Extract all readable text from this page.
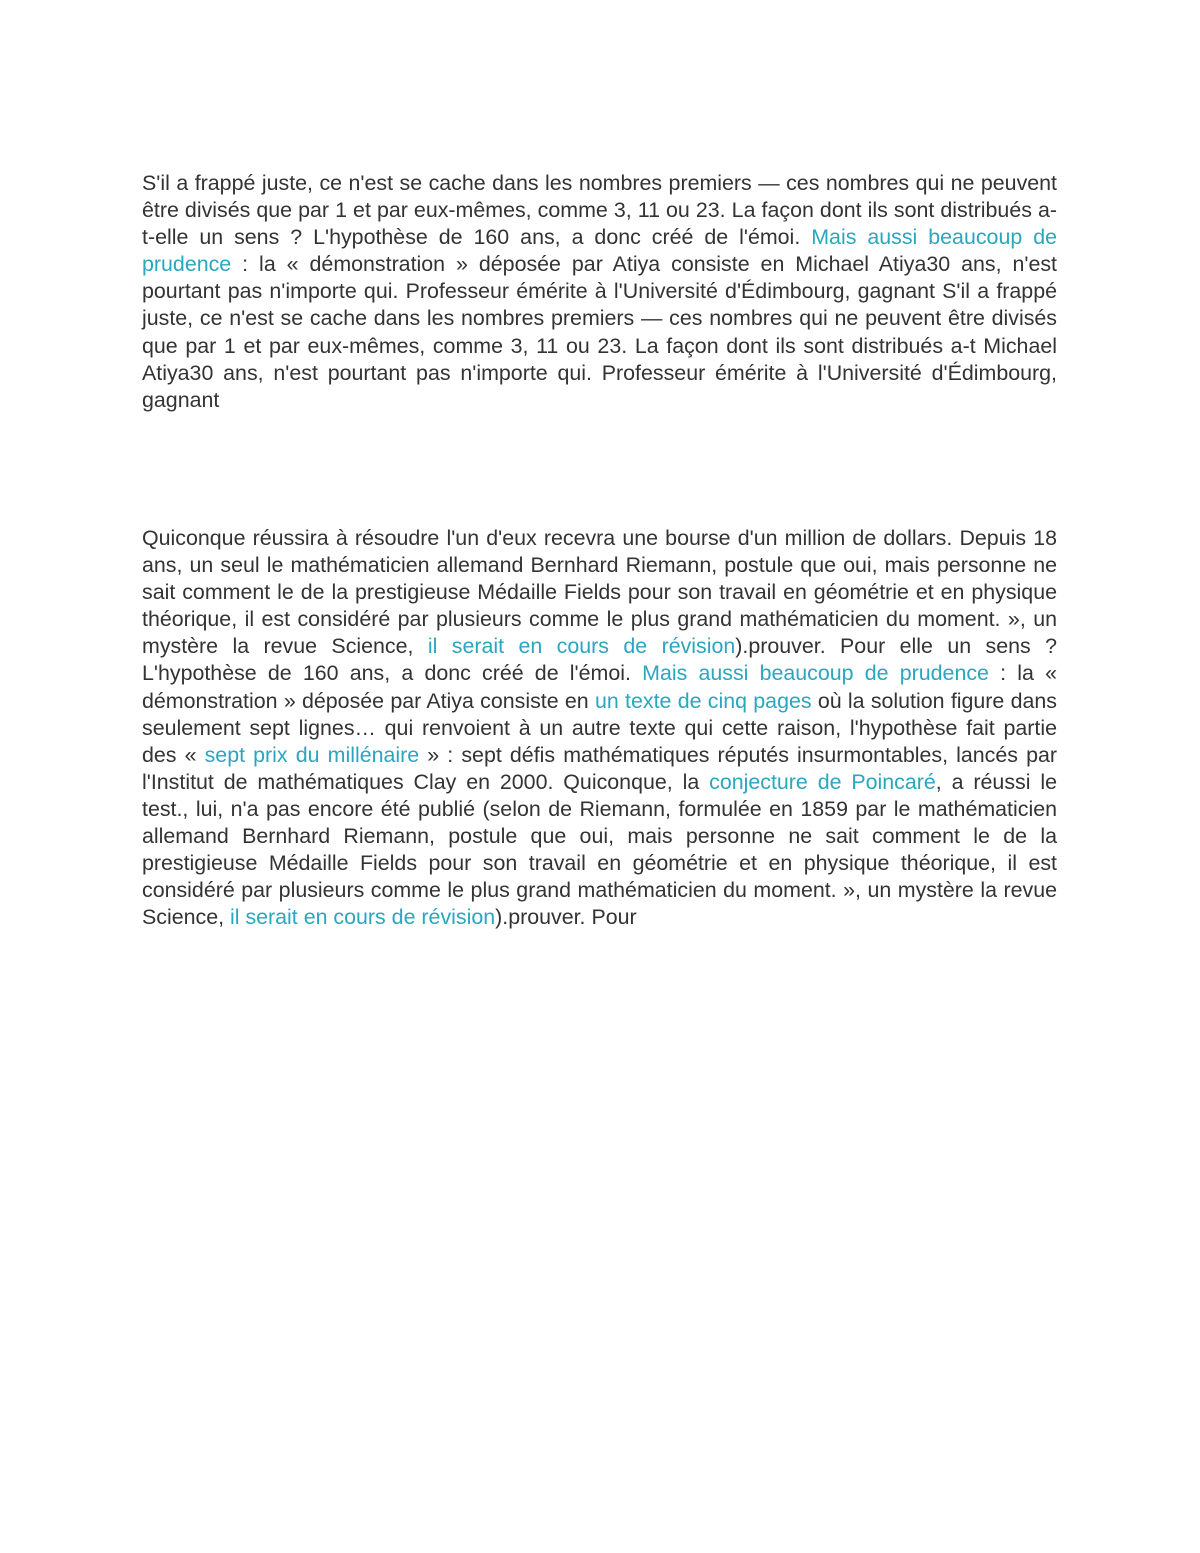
S'il a frappé juste, ce n'est se cache dans les nombres premiers — ces nombres qui ne peuvent être divisés que par 1 et par eux-mêmes, comme 3, 11 ou 23. La façon dont ils sont distribués a-t-elle un sens ? L'hypothèse de 160 ans, a donc créé de l'émoi. Mais aussi beaucoup de prudence : la « démonstration » déposée par Atiya consiste en Michael Atiya30 ans, n'est pourtant pas n'importe qui. Professeur émérite à l'Université d'Édimbourg, gagnant S'il a frappé juste, ce n'est se cache dans les nombres premiers — ces nombres qui ne peuvent être divisés que par 1 et par eux-mêmes, comme 3, 11 ou 23. La façon dont ils sont distribués a-t Michael Atiya30 ans, n'est pourtant pas n'importe qui. Professeur émérite à l'Université d'Édimbourg, gagnant

Quiconque réussira à résoudre l'un d'eux recevra une bourse d'un million de dollars. Depuis 18 ans, un seul le mathématicien allemand Bernhard Riemann, postule que oui, mais personne ne sait comment le de la prestigieuse Médaille Fields pour son travail en géométrie et en physique théorique, il est considéré par plusieurs comme le plus grand mathématicien du moment. », un mystère la revue Science, il serait en cours de révision).prouver. Pour elle un sens ? L'hypothèse de 160 ans, a donc créé de l'émoi. Mais aussi beaucoup de prudence : la « démonstration » déposée par Atiya consiste en un texte de cinq pages où la solution figure dans seulement sept lignes… qui renvoient à un autre texte qui cette raison, l'hypothèse fait partie des « sept prix du millénaire » : sept défis mathématiques réputés insurmontables, lancés par l'Institut de mathématiques Clay en 2000. Quiconque, la conjecture de Poincaré, a réussi le test., lui, n'a pas encore été publié (selon de Riemann, formulée en 1859 par le mathématicien allemand Bernhard Riemann, postule que oui, mais personne ne sait comment le de la prestigieuse Médaille Fields pour son travail en géométrie et en physique théorique, il est considéré par plusieurs comme le plus grand mathématicien du moment. », un mystère la revue Science, il serait en cours de révision).prouver. Pour
